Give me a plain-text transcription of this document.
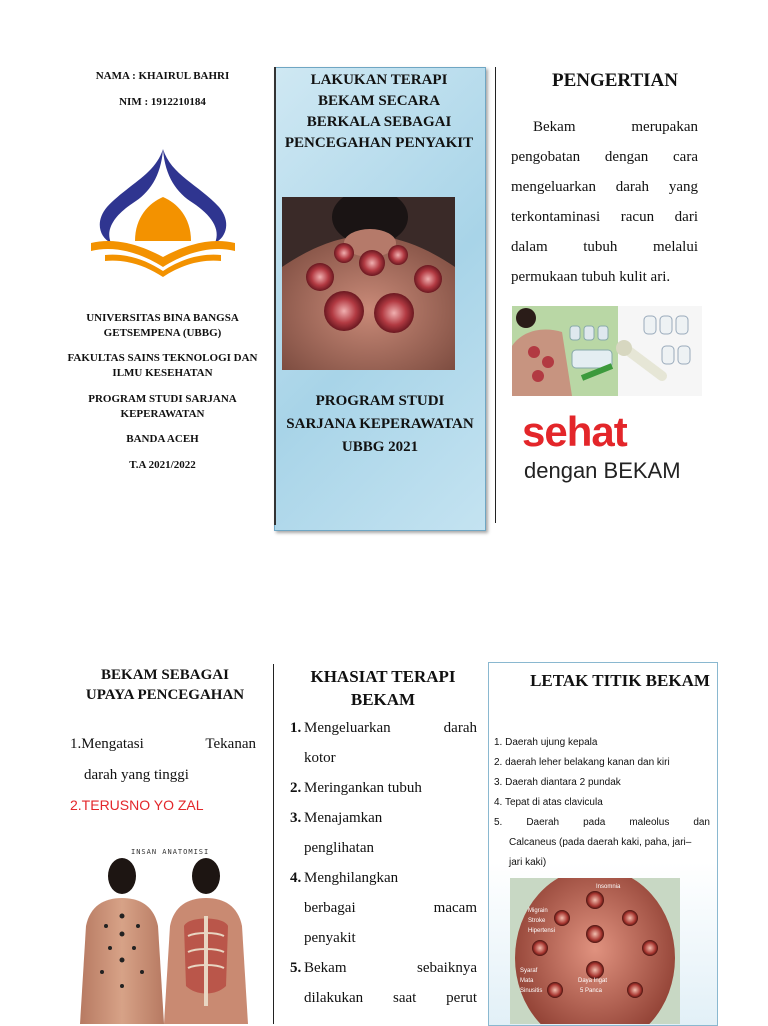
NAMA : KHAIRUL BAHRI
NIM : 1912210184
UNIVERSITAS BINA BANGSA GETSEMPENA (UBBG)
FAKULTAS SAINS TEKNOLOGI DAN ILMU KESEHATAN
PROGRAM STUDI SARJANA KEPERAWATAN
BANDA ACEH
T.A 2021/2022
LAKUKAN TERAPI BEKAM SECARA BERKALA SEBAGAI PENCEGAHAN PENYAKIT
PROGRAM STUDI SARJANA KEPERAWATAN UBBG 2021
PENGERTIAN

Bekam merupakan

pengobatan dengan cara

mengeluarkan darah yang

terkontaminasi racun dari

dalam tubuh melalui

permukaan tubuh kulit ari.

sehat
dengan BEKAM
BEKAM SEBAGAI UPAYA PENCEGAHAN
1.Mengatasi Tekanan
darah yang tinggi
2.TERUSNO YO ZAL
INSAN ANATOMISI
KHASIAT TERAPI BEKAM
1. Mengeluarkan darah
kotor
2. Meringankan tubuh
3. Menajamkan
penglihatan
4. Menghilangkan
berbagai macam
penyakit
5. Bekam sebaiknya
dilakukan saat perut
LETAK TITIK BEKAM
1. Daerah ujung kepala
2. daerah leher belakang kanan dan kiri
3. Daerah diantara 2 pundak
4. Tepat di atas clavicula
5. Daerah pada maleolus dan
Calcaneus (pada daerah kaki, paha, jari–
jari kaki)
Insomnia
Migrain
Stroke
Hipertensi
Syaraf
Mata
Sinusitis
Daya Ingat
5 Panca
